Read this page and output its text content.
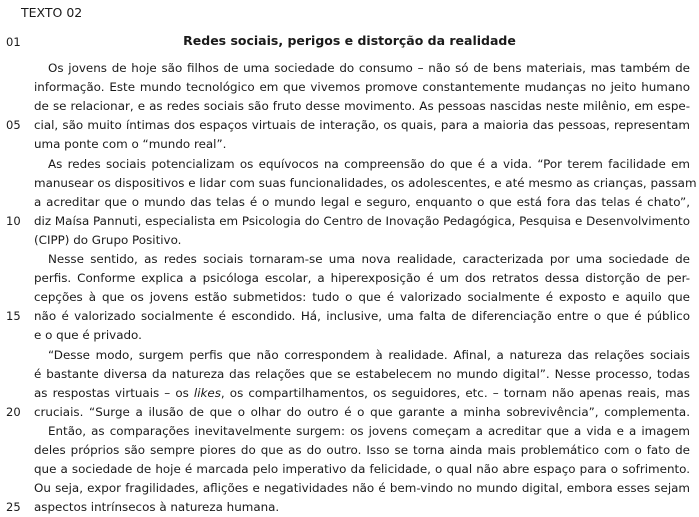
TEXTO 02
01	Redes sociais, perigos e distorção da realidade
Os jovens de hoje são filhos de uma sociedade do consumo – não só de bens materiais, mas também de
informação. Este mundo tecnológico em que vivemos promove constantemente mudanças no jeito humano
de se relacionar, e as redes sociais são fruto desse movimento. As pessoas nascidas neste milênio, em espe-
cial, são muito íntimas dos espaços virtuais de interação, os quais, para a maioria das pessoas, representam
uma ponte com o “mundo real”.
As redes sociais potencializam os equívocos na compreensão do que é a vida. “Por terem facilidade em
manusear os dispositivos e lidar com suas funcionalidades, os adolescentes, e até mesmo as crianças, passam
a acreditar que o mundo das telas é o mundo legal e seguro, enquanto o que está fora das telas é chato”,
diz Maísa Pannuti, especialista em Psicologia do Centro de Inovação Pedagógica, Pesquisa e Desenvolvimento
(CIPP) do Grupo Positivo.
Nesse sentido, as redes sociais tornaram-se uma nova realidade, caracterizada por uma sociedade de
perfis. Conforme explica a psicóloga escolar, a hiperexposição é um dos retratos dessa distorção de per-
cepções à que os jovens estão submetidos: tudo o que é valorizado socialmente é exposto e aquilo que
não é valorizado socialmente é escondido. Há, inclusive, uma falta de diferenciação entre o que é público
e o que é privado.
“Desse modo, surgem perfis que não correspondem à realidade. Afinal, a natureza das relações sociais
é bastante diversa da natureza das relações que se estabelecem no mundo digital”. Nesse processo, todas
as respostas virtuais – os likes, os compartilhamentos, os seguidores, etc. – tornam não apenas reais, mas
cruciais. “Surge a ilusão de que o olhar do outro é o que garante a minha sobrevivência”, complementa.
Então, as comparações inevitavelmente surgem: os jovens começam a acreditar que a vida e a imagem
deles próprios são sempre piores do que as do outro. Isso se torna ainda mais problemático com o fato de
que a sociedade de hoje é marcada pelo imperativo da felicidade, o qual não abre espaço para o sofrimento.
Ou seja, expor fragilidades, aflições e negatividades não é bem-vindo no mundo digital, embora esses sejam
aspectos intrínsecos à natureza humana.
05
10
15
20
25
